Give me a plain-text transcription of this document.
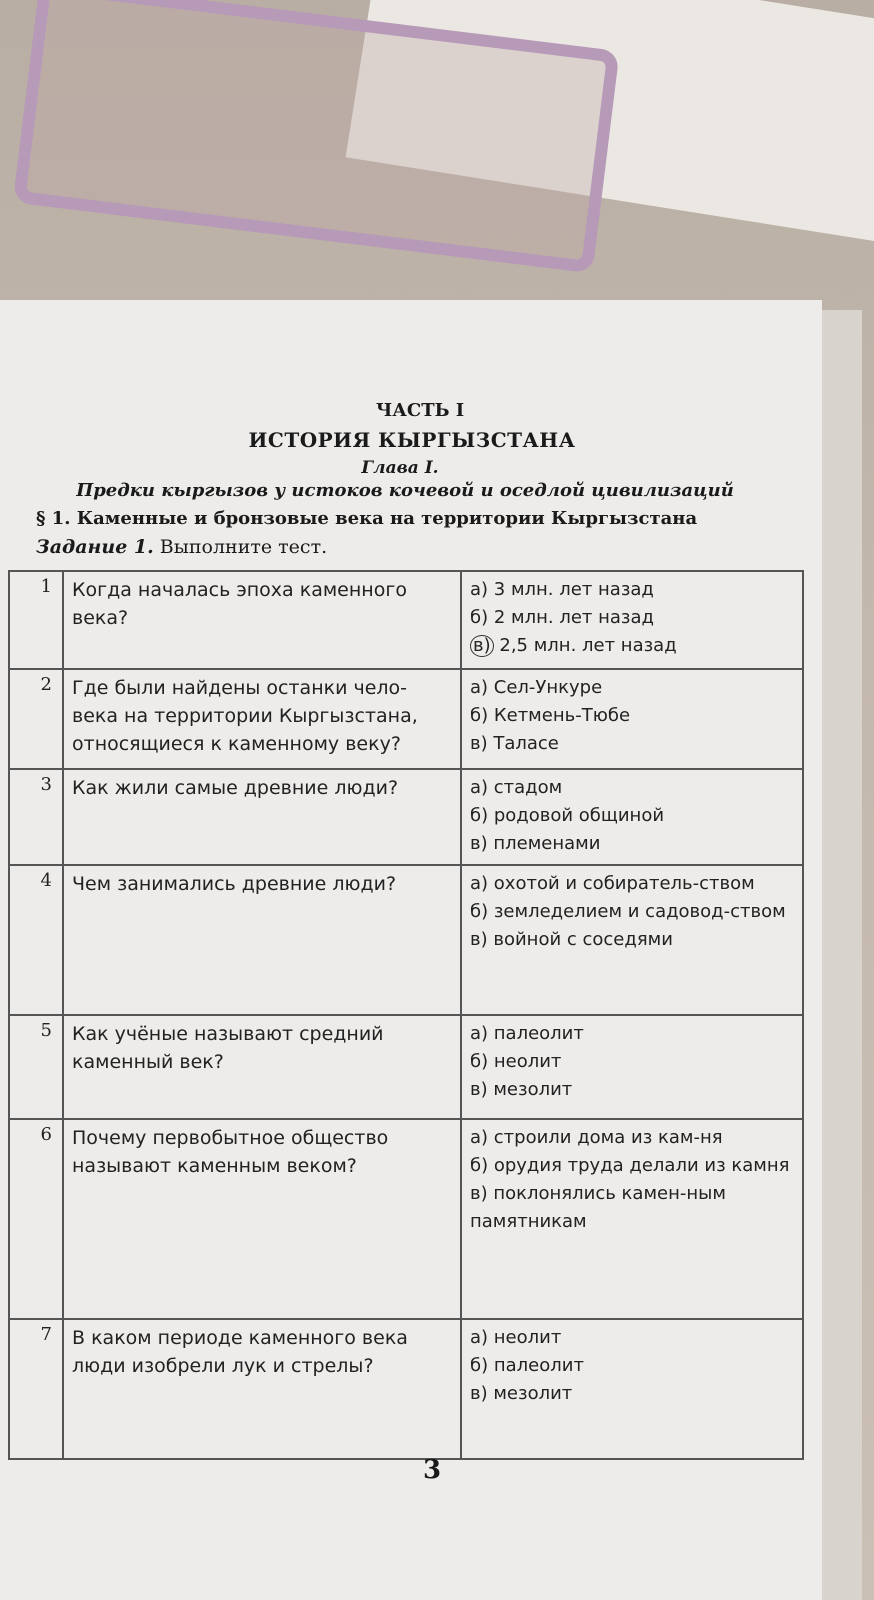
ЧАСТЬ I
ИСТОРИЯ КЫРГЫЗСТАНА
Глава I.
Предки кыргызов у истоков кочевой и оседлой цивилизаций
§ 1. Каменные и бронзовые века на территории Кыргызстана
Задание 1. Выполните тест.
1	Когда началась эпоха каменного века?	а) 3 млн. лет назад
б) 2 млн. лет назад
в) 2,5 млн. лет назад

2	Где были найдены останки чело-века на территории Кыргызстана, относящиеся к каменному веку?	а) Сел-Ункуре
б) Кетмень-Тюбе
в) Таласе

3	Как жили самые древние люди?	а) стадом
б) родовой общиной
в) племенами

4	Чем занимались древние люди?	а) охотой и собиратель-ством
б) земледелием и садовод-ством
в) войной с соседями

5	Как учёные называют средний каменный век?	а) палеолит
б) неолит
в) мезолит

6	Почему первобытное общество называют каменным веком?	а) строили дома из кам-ня
б) орудия труда делали из камня
в) поклонялись камен-ным памятникам

7	В каком периоде каменного века люди изобрели лук и стрелы?	а) неолит
б) палеолит
в) мезолит
3
